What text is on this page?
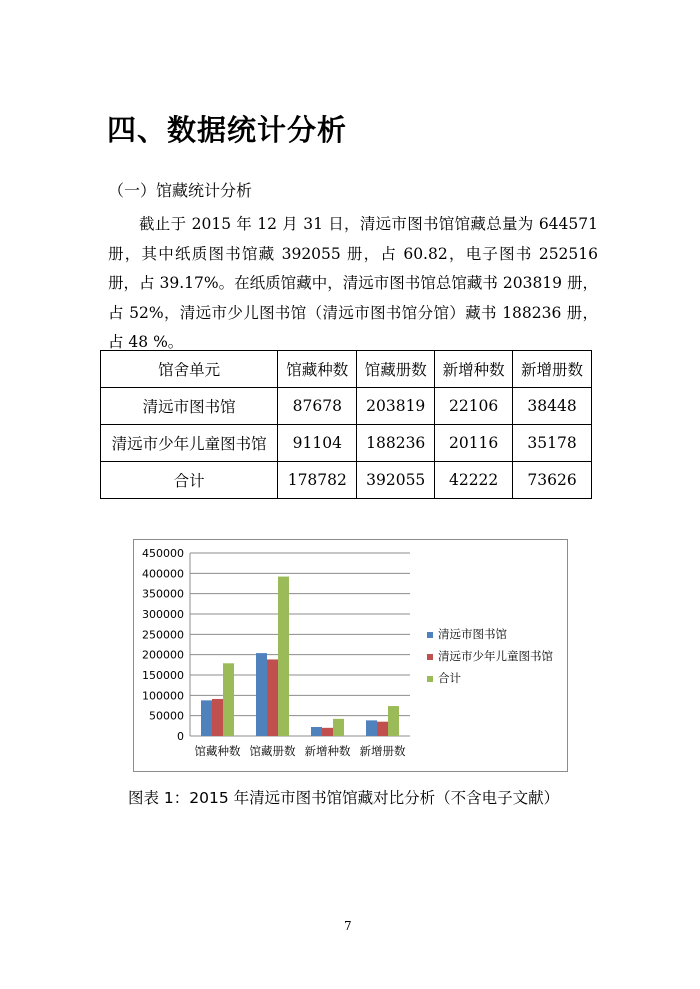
四、数据统计分析
（一）馆藏统计分析

截止于 2015 年 12 月 31 日，清远市图书馆馆藏总量为 644571 册，其中纸质图书馆藏 392055 册，占 60.82，电子图书 252516 册，占 39.17%。在纸质馆藏中，清远市图书馆总馆藏书 203819 册，占 52%，清远市少儿图书馆（清远市图书馆分馆）藏书 188236 册，占 48 %。

馆舍单元	馆藏种数	馆藏册数	新增种数	新增册数
清远市图书馆	87678	203819	22106	38448
清远市少年儿童图书馆	91104	188236	20116	35178
合计	178782	392055	42222	73626
0
50000
100000
150000
200000
250000
300000
350000
400000
450000
馆藏种数 馆藏册数 新增种数 新增册数
清远市图书馆
清远市少年儿童图书馆
合计
图表 1：2015 年清远市图书馆馆藏对比分析（不含电子文献）
7
